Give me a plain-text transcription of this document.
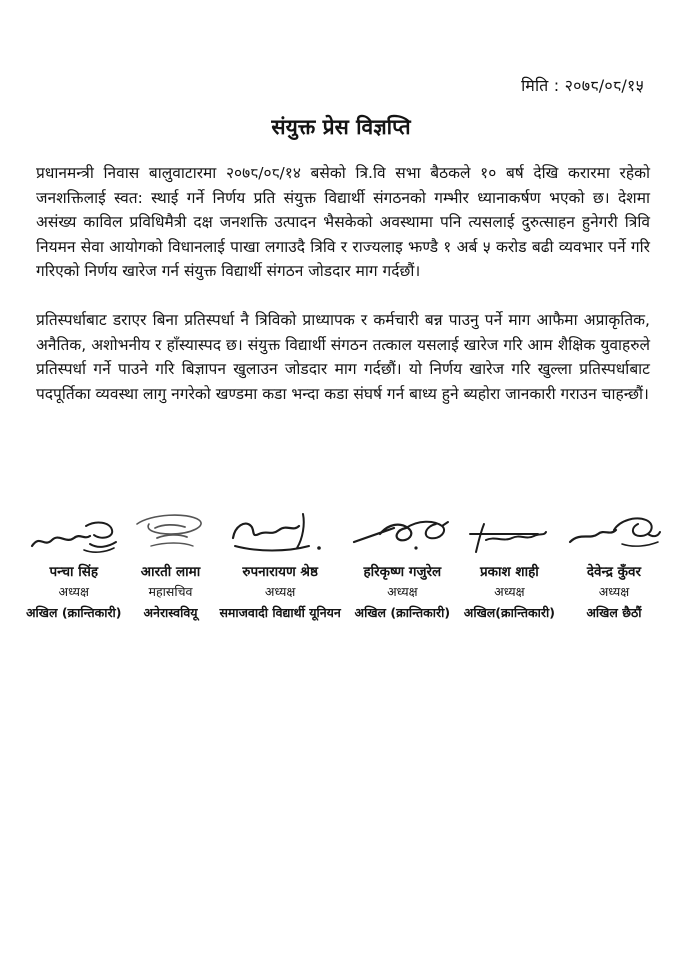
मिति : २०७८/०८/१५
संयुक्त प्रेस विज्ञप्ति

प्रधानमन्त्री निवास बालुवाटारमा २०७८/०८/१४ बसेको त्रि.वि सभा बैठकले १० बर्ष देखि करारमा रहेको जनशक्तिलाई स्वत: स्थाई गर्ने निर्णय प्रति संयुक्त विद्यार्थी संगठनको गम्भीर ध्यानाकर्षण भएको छ। देशमा असंख्य काविल प्रविधिमैत्री दक्ष जनशक्ति उत्पादन भैसकेको अवस्थामा पनि त्यसलाई दुरुत्साहन हुनेगरी त्रिवि नियमन सेवा आयोगको विधानलाई पाखा लगाउदै त्रिवि र राज्यलाइ झण्डै १ अर्ब ५ करोड बढी व्यवभार पर्ने गरि गरिएको निर्णय खारेज गर्न संयुक्त विद्यार्थी संगठन जोडदार माग गर्दछौं।

प्रतिस्पर्धाबाट डराएर बिना प्रतिस्पर्धा नै त्रिविको प्राध्यापक र कर्मचारी बन्न पाउनु पर्ने माग आफैमा अप्राकृतिक, अनैतिक, अशोभनीय र हाँस्यास्पद छ। संयुक्त विद्यार्थी संगठन तत्काल यसलाई खारेज गरि आम शैक्षिक युवाहरुले प्रतिस्पर्धा गर्ने पाउने गरि बिज्ञापन खुलाउन जोडदार माग गर्दछौं। यो निर्णय खारेज गरि खुल्ला प्रतिस्पर्धाबाट पदपूर्तिका व्यवस्था लागु नगरेको खण्डमा कडा भन्दा कडा संघर्ष गर्न बाध्य हुने ब्यहोरा जानकारी गराउन चाहन्छौं।

पन्चा सिंह
अध्यक्ष
अखिल (क्रान्तिकारी)
आरती लामा
महासचिव
अनेरास्ववियू
रुपनारायण श्रेष्ठ
अध्यक्ष
समाजवादी विद्यार्थी यूनियन
हरिकृष्ण गजुरेल
अध्यक्ष
अखिल (क्रान्तिकारी)
प्रकाश शाही
अध्यक्ष
अखिल(क्रान्तिकारी)
देवेन्द्र कुँवर
अध्यक्ष
अखिल छैठौं
